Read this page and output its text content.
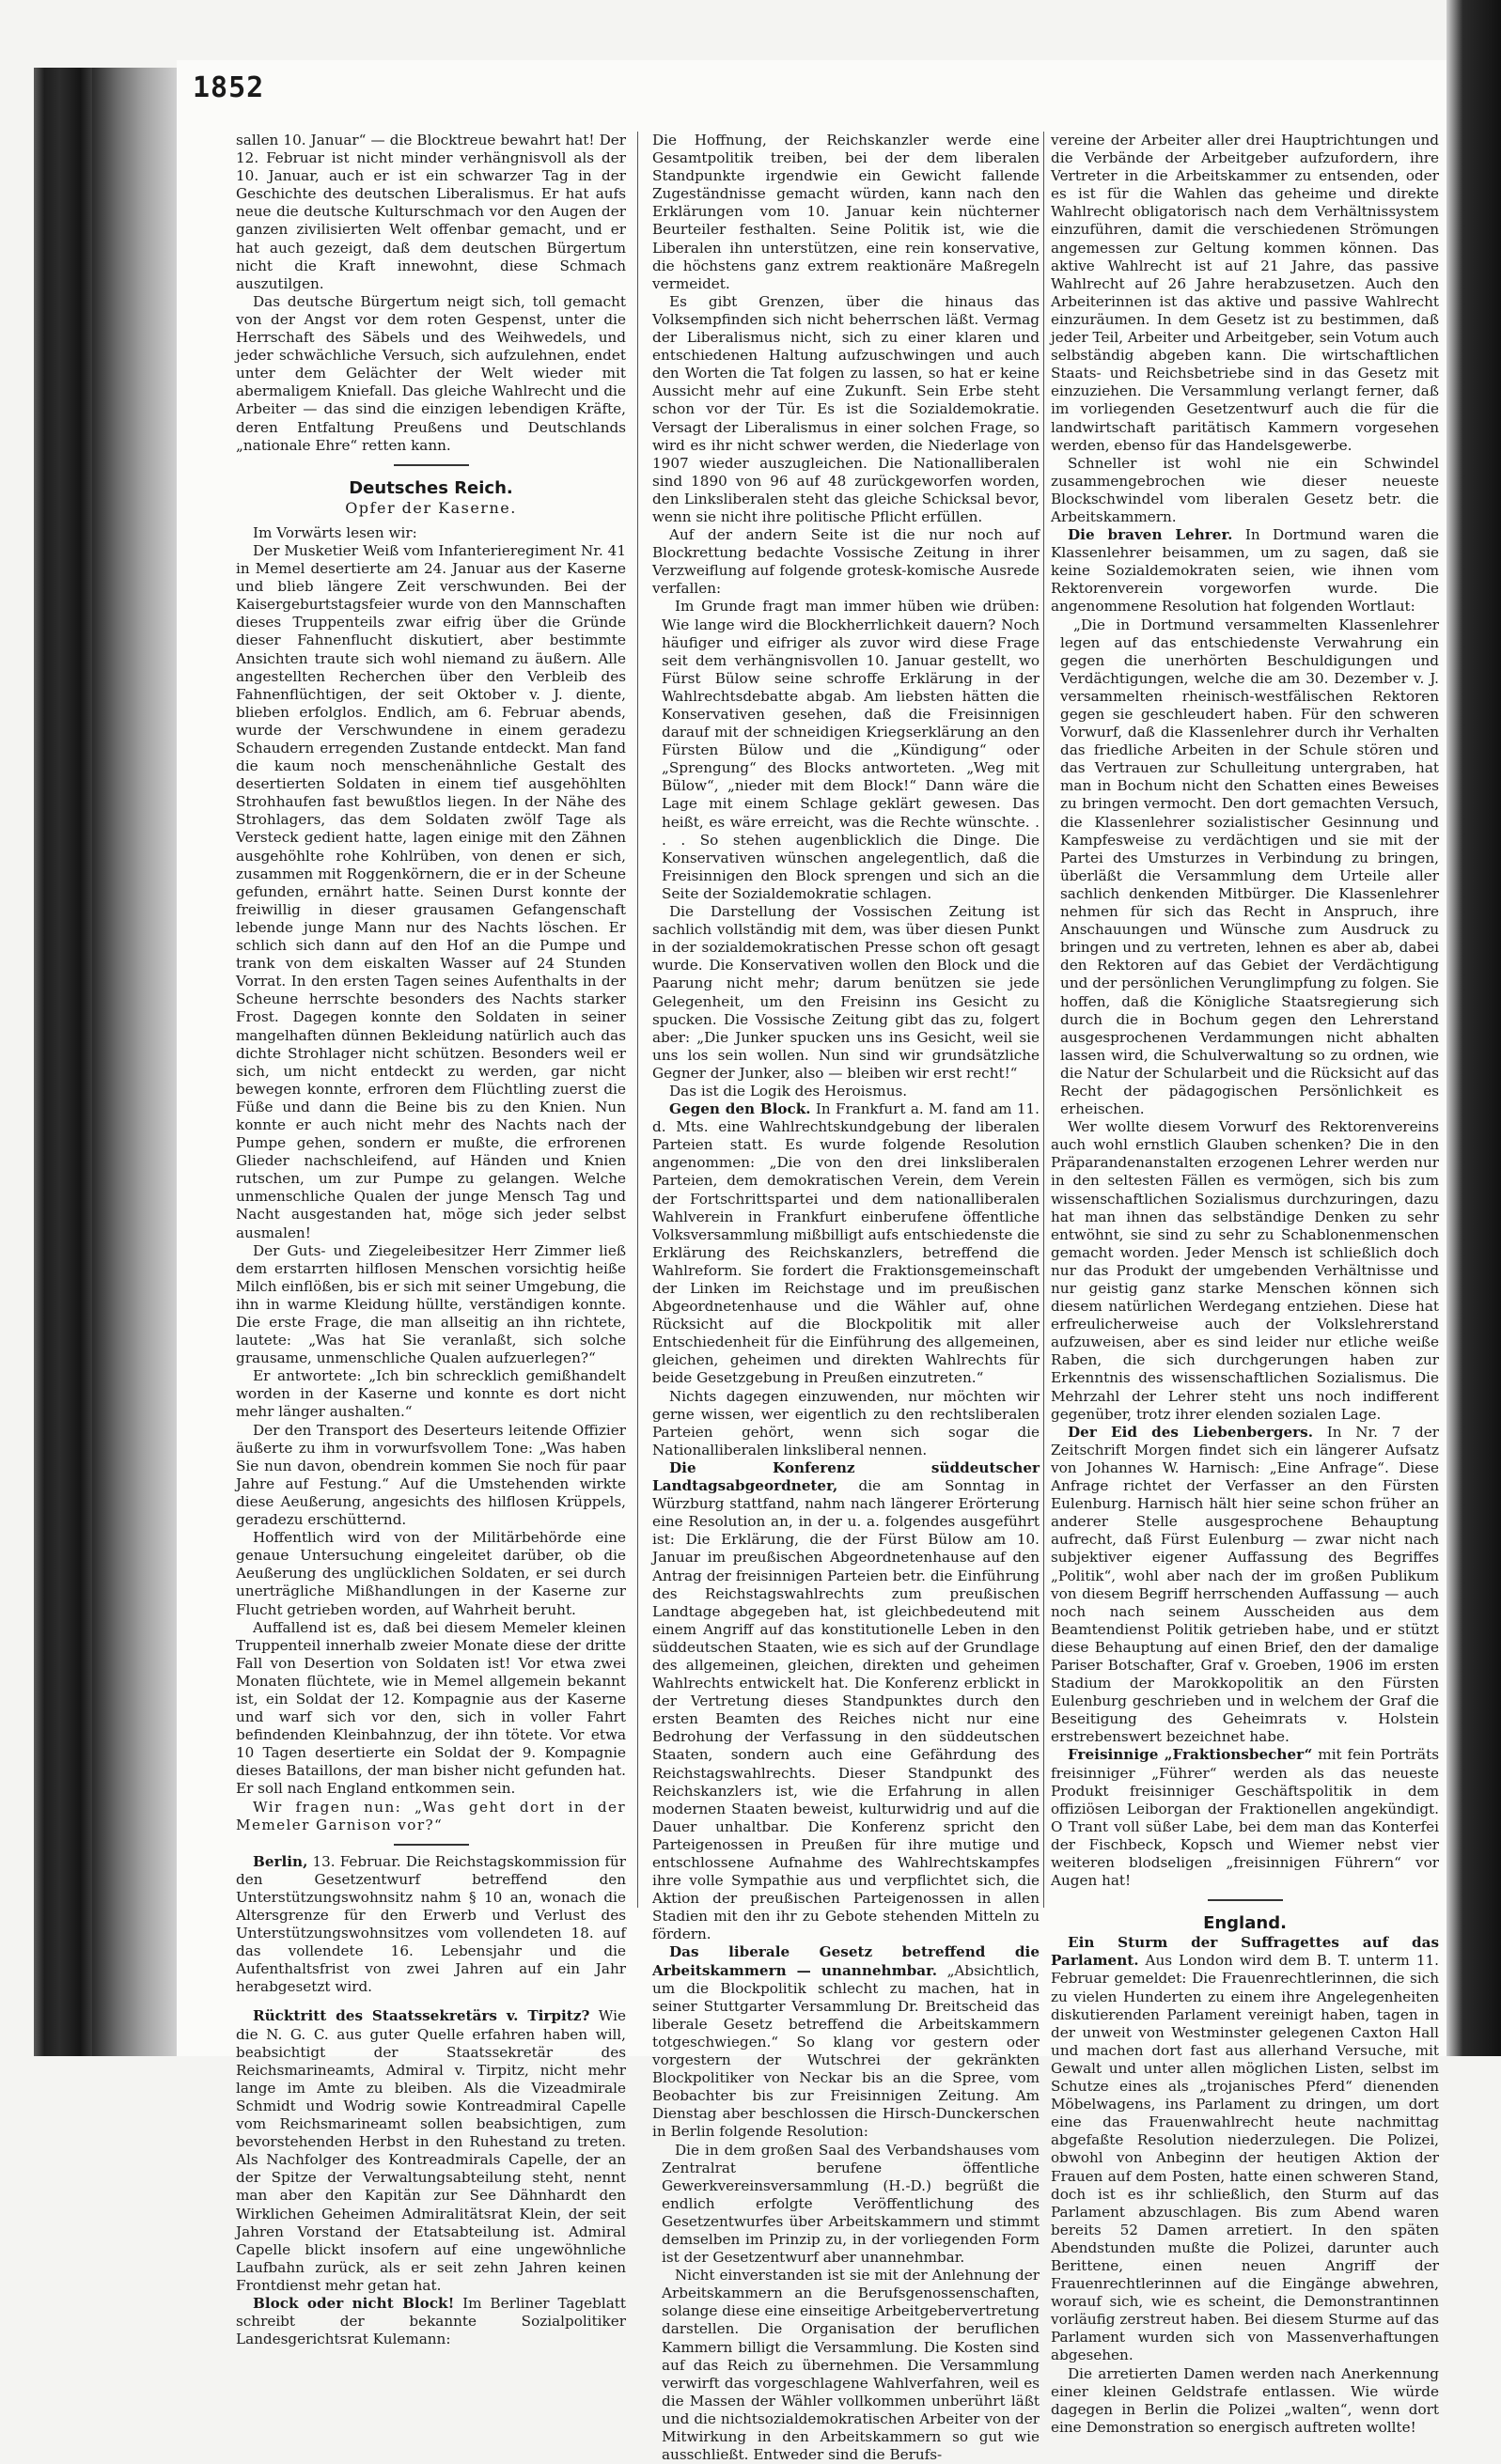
1852

sallen 10. Januar“ — die Blocktreue bewahrt hat! Der 12. Februar ist nicht minder verhängnisvoll als der 10. Januar, auch er ist ein schwarzer Tag in der Geschichte des deutschen Liberalismus. Er hat aufs neue die deutsche Kulturschmach vor den Augen der ganzen zivilisierten Welt offenbar gemacht, und er hat auch gezeigt, daß dem deutschen Bürgertum nicht die Kraft innewohnt, diese Schmach auszutilgen.

Das deutsche Bürgertum neigt sich, toll gemacht von der Angst vor dem roten Gespenst, unter die Herrschaft des Säbels und des Weihwedels, und jeder schwächliche Versuch, sich aufzulehnen, endet unter dem Gelächter der Welt wieder mit abermaligem Kniefall. Das gleiche Wahlrecht und die Arbeiter — das sind die einzigen lebendigen Kräfte, deren Entfaltung Preußens und Deutschlands „nationale Ehre“ retten kann.

Deutsches Reich.
Opfer der Kaserne.

Im Vorwärts lesen wir:

Der Musketier Weiß vom Infanterieregiment Nr. 41 in Memel desertierte am 24. Januar aus der Kaserne und blieb längere Zeit verschwunden. Bei der Kaisergeburtstagsfeier wurde von den Mannschaften dieses Truppenteils zwar eifrig über die Gründe dieser Fahnenflucht diskutiert, aber bestimmte Ansichten traute sich wohl niemand zu äußern. Alle angestellten Recherchen über den Verbleib des Fahnenflüchtigen, der seit Oktober v. J. diente, blieben erfolglos. Endlich, am 6. Februar abends, wurde der Verschwundene in einem geradezu Schaudern erregenden Zustande entdeckt. Man fand die kaum noch menschenähnliche Gestalt des desertierten Soldaten in einem tief ausgehöhlten Strohhaufen fast bewußtlos liegen. In der Nähe des Strohlagers, das dem Soldaten zwölf Tage als Versteck gedient hatte, lagen einige mit den Zähnen ausgehöhlte rohe Kohlrüben, von denen er sich, zusammen mit Roggenkörnern, die er in der Scheune gefunden, ernährt hatte. Seinen Durst konnte der freiwillig in dieser grausamen Gefangenschaft lebende junge Mann nur des Nachts löschen. Er schlich sich dann auf den Hof an die Pumpe und trank von dem eiskalten Wasser auf 24 Stunden Vorrat. In den ersten Tagen seines Aufenthalts in der Scheune herrschte besonders des Nachts starker Frost. Dagegen konnte den Soldaten in seiner mangelhaften dünnen Bekleidung natürlich auch das dichte Strohlager nicht schützen. Besonders weil er sich, um nicht entdeckt zu werden, gar nicht bewegen konnte, erfroren dem Flüchtling zuerst die Füße und dann die Beine bis zu den Knien. Nun konnte er auch nicht mehr des Nachts nach der Pumpe gehen, sondern er mußte, die erfrorenen Glieder nachschleifend, auf Händen und Knien rutschen, um zur Pumpe zu gelangen. Welche unmenschliche Qualen der junge Mensch Tag und Nacht ausgestanden hat, möge sich jeder selbst ausmalen!

Der Guts- und Ziegeleibesitzer Herr Zimmer ließ dem erstarrten hilflosen Menschen vorsichtig heiße Milch einflößen, bis er sich mit seiner Umgebung, die ihn in warme Kleidung hüllte, verständigen konnte. Die erste Frage, die man allseitig an ihn richtete, lautete: „Was hat Sie veranlaßt, sich solche grausame, unmenschliche Qualen aufzuerlegen?“

Er antwortete: „Ich bin schrecklich gemißhandelt worden in der Kaserne und konnte es dort nicht mehr länger aushalten.“

Der den Transport des Deserteurs leitende Offizier äußerte zu ihm in vorwurfsvollem Tone: „Was haben Sie nun davon, obendrein kommen Sie noch für paar Jahre auf Festung.“ Auf die Umstehenden wirkte diese Aeußerung, angesichts des hilflosen Krüppels, geradezu erschütternd.

Hoffentlich wird von der Militärbehörde eine genaue Untersuchung eingeleitet darüber, ob die Aeußerung des unglücklichen Soldaten, er sei durch unerträgliche Mißhandlungen in der Kaserne zur Flucht getrieben worden, auf Wahrheit beruht.

Auffallend ist es, daß bei diesem Memeler kleinen Truppenteil innerhalb zweier Monate diese der dritte Fall von Desertion von Soldaten ist! Vor etwa zwei Monaten flüchtete, wie in Memel allgemein bekannt ist, ein Soldat der 12. Kompagnie aus der Kaserne und warf sich vor den, sich in voller Fahrt befindenden Kleinbahnzug, der ihn tötete. Vor etwa 10 Tagen desertierte ein Soldat der 9. Kompagnie dieses Bataillons, der man bisher nicht gefunden hat. Er soll nach England entkommen sein.

Wir fragen nun: „Was geht dort in der Memeler Garnison vor?“

Berlin, 13. Februar. Die Reichstagskommission für den Gesetzentwurf betreffend den Unterstützungswohnsitz nahm § 10 an, wonach die Altersgrenze für den Erwerb und Verlust des Unterstützungswohnsitzes vom vollendeten 18. auf das vollendete 16. Lebensjahr und die Aufenthaltsfrist von zwei Jahren auf ein Jahr herabgesetzt wird.

Rücktritt des Staatssekretärs v. Tirpitz? Wie die N. G. C. aus guter Quelle erfahren haben will, beabsichtigt der Staatssekretär des Reichsmarineamts, Admiral v. Tirpitz, nicht mehr lange im Amte zu bleiben. Als die Vizeadmirale Schmidt und Wodrig sowie Kontreadmiral Capelle vom Reichsmarineamt sollen beabsichtigen, zum bevorstehenden Herbst in den Ruhestand zu treten. Als Nachfolger des Kontreadmirals Capelle, der an der Spitze der Verwaltungsabteilung steht, nennt man aber den Kapitän zur See Dähnhardt den Wirklichen Geheimen Admiralitätsrat Klein, der seit Jahren Vorstand der Etatsabteilung ist. Admiral Capelle blickt insofern auf eine ungewöhnliche Laufbahn zurück, als er seit zehn Jahren keinen Frontdienst mehr getan hat.

Block oder nicht Block! Im Berliner Tageblatt schreibt der bekannte Sozialpolitiker Landesgerichtsrat Kulemann:

Die Hoffnung, der Reichskanzler werde eine Gesamtpolitik treiben, bei der dem liberalen Standpunkte irgendwie ein Gewicht fallende Zugeständnisse gemacht würden, kann nach den Erklärungen vom 10. Januar kein nüchterner Beurteiler festhalten. Seine Politik ist, wie die Liberalen ihn unterstützen, eine rein konservative, die höchstens ganz extrem reaktionäre Maßregeln vermeidet.

Es gibt Grenzen, über die hinaus das Volksempfinden sich nicht beherrschen läßt. Vermag der Liberalismus nicht, sich zu einer klaren und entschiedenen Haltung aufzuschwingen und auch den Worten die Tat folgen zu lassen, so hat er keine Aussicht mehr auf eine Zukunft. Sein Erbe steht schon vor der Tür. Es ist die Sozialdemokratie. Versagt der Liberalismus in einer solchen Frage, so wird es ihr nicht schwer werden, die Niederlage von 1907 wieder auszugleichen. Die Nationalliberalen sind 1890 von 96 auf 48 zurückgeworfen worden, den Linksliberalen steht das gleiche Schicksal bevor, wenn sie nicht ihre politische Pflicht erfüllen.

Auf der andern Seite ist die nur noch auf Blockrettung bedachte Vossische Zeitung in ihrer Verzweiflung auf folgende grotesk-komische Ausrede verfallen:

Im Grunde fragt man immer hüben wie drüben: Wie lange wird die Blockherrlichkeit dauern? Noch häufiger und eifriger als zuvor wird diese Frage seit dem verhängnisvollen 10. Januar gestellt, wo Fürst Bülow seine schroffe Erklärung in der Wahlrechtsdebatte abgab. Am liebsten hätten die Konservativen gesehen, daß die Freisinnigen darauf mit der schneidigen Kriegserklärung an den Fürsten Bülow und die „Kündigung“ oder „Sprengung“ des Blocks antworteten. „Weg mit Bülow“, „nieder mit dem Block!“ Dann wäre die Lage mit einem Schlage geklärt gewesen. Das heißt, es wäre erreicht, was die Rechte wünschte. . . . So stehen augenblicklich die Dinge. Die Konservativen wünschen angelegentlich, daß die Freisinnigen den Block sprengen und sich an die Seite der Sozialdemokratie schlagen.

Die Darstellung der Vossischen Zeitung ist sachlich vollständig mit dem, was über diesen Punkt in der sozialdemokratischen Presse schon oft gesagt wurde. Die Konservativen wollen den Block und die Paarung nicht mehr; darum benützen sie jede Gelegenheit, um den Freisinn ins Gesicht zu spucken. Die Vossische Zeitung gibt das zu, folgert aber: „Die Junker spucken uns ins Gesicht, weil sie uns los sein wollen. Nun sind wir grundsätzliche Gegner der Junker, also — bleiben wir erst recht!“

Das ist die Logik des Heroismus.

Gegen den Block. In Frankfurt a. M. fand am 11. d. Mts. eine Wahlrechtskundgebung der liberalen Parteien statt. Es wurde folgende Resolution angenommen: „Die von den drei linksliberalen Parteien, dem demokratischen Verein, dem Verein der Fortschrittspartei und dem nationalliberalen Wahlverein in Frankfurt einberufene öffentliche Volksversammlung mißbilligt aufs entschiedenste die Erklärung des Reichskanzlers, betreffend die Wahlreform. Sie fordert die Fraktionsgemeinschaft der Linken im Reichstage und im preußischen Abgeordnetenhause und die Wähler auf, ohne Rücksicht auf die Blockpolitik mit aller Entschiedenheit für die Einführung des allgemeinen, gleichen, geheimen und direkten Wahlrechts für beide Gesetzgebung in Preußen einzutreten.“

Nichts dagegen einzuwenden, nur möchten wir gerne wissen, wer eigentlich zu den rechtsliberalen Parteien gehört, wenn sich sogar die Nationalliberalen linksliberal nennen.

Die Konferenz süddeutscher Landtagsabgeordneter, die am Sonntag in Würzburg stattfand, nahm nach längerer Erörterung eine Resolution an, in der u. a. folgendes ausgeführt ist: Die Erklärung, die der Fürst Bülow am 10. Januar im preußischen Abgeordnetenhause auf den Antrag der freisinnigen Parteien betr. die Einführung des Reichstagswahlrechts zum preußischen Landtage abgegeben hat, ist gleichbedeutend mit einem Angriff auf das konstitutionelle Leben in den süddeutschen Staaten, wie es sich auf der Grundlage des allgemeinen, gleichen, direkten und geheimen Wahlrechts entwickelt hat. Die Konferenz erblickt in der Vertretung dieses Standpunktes durch den ersten Beamten des Reiches nicht nur eine Bedrohung der Verfassung in den süddeutschen Staaten, sondern auch eine Gefährdung des Reichstagswahlrechts. Dieser Standpunkt des Reichskanzlers ist, wie die Erfahrung in allen modernen Staaten beweist, kulturwidrig und auf die Dauer unhaltbar. Die Konferenz spricht den Parteigenossen in Preußen für ihre mutige und entschlossene Aufnahme des Wahlrechtskampfes ihre volle Sympathie aus und verpflichtet sich, die Aktion der preußischen Parteigenossen in allen Stadien mit den ihr zu Gebote stehenden Mitteln zu fördern.

Das liberale Gesetz betreffend die Arbeitskammern — unannehmbar. „Absichtlich, um die Blockpolitik schlecht zu machen, hat in seiner Stuttgarter Versammlung Dr. Breitscheid das liberale Gesetz betreffend die Arbeitskammern totgeschwiegen.“ So klang vor gestern oder vorgestern der Wutschrei der gekränkten Blockpolitiker von Neckar bis an die Spree, vom Beobachter bis zur Freisinnigen Zeitung. Am Dienstag aber beschlossen die Hirsch-Dunckerschen in Berlin folgende Resolution:

Die in dem großen Saal des Verbandshauses vom Zentralrat berufene öffentliche Gewerkvereinsversammlung (H.-D.) begrüßt die endlich erfolgte Veröffentlichung des Gesetzentwurfes über Arbeitskammern und stimmt demselben im Prinzip zu, in der vorliegenden Form ist der Gesetzentwurf aber unannehmbar.

Nicht einverstanden ist sie mit der Anlehnung der Arbeitskammern an die Berufsgenossenschaften, solange diese eine einseitige Arbeitgebervertretung darstellen. Die Organisation der beruflichen Kammern billigt die Versammlung. Die Kosten sind auf das Reich zu übernehmen. Die Versammlung verwirft das vorgeschlagene Wahlverfahren, weil es die Massen der Wähler vollkommen unberührt läßt und die nichtsozialdemokratischen Arbeiter von der Mitwirkung in den Arbeitskammern so gut wie ausschließt. Entweder sind die Berufs-

vereine der Arbeiter aller drei Hauptrichtungen und die Verbände der Arbeitgeber aufzufordern, ihre Vertreter in die Arbeitskammer zu entsenden, oder es ist für die Wahlen das geheime und direkte Wahlrecht obligatorisch nach dem Verhältnissystem einzuführen, damit die verschiedenen Strömungen angemessen zur Geltung kommen können. Das aktive Wahlrecht ist auf 21 Jahre, das passive Wahlrecht auf 26 Jahre herabzusetzen. Auch den Arbeiterinnen ist das aktive und passive Wahlrecht einzuräumen. In dem Gesetz ist zu bestimmen, daß jeder Teil, Arbeiter und Arbeitgeber, sein Votum auch selbständig abgeben kann. Die wirtschaftlichen Staats- und Reichsbetriebe sind in das Gesetz mit einzuziehen. Die Versammlung verlangt ferner, daß im vorliegenden Gesetzentwurf auch die für die landwirtschaft paritätisch Kammern vorgesehen werden, ebenso für das Handelsgewerbe.

Schneller ist wohl nie ein Schwindel zusammengebrochen wie dieser neueste Blockschwindel vom liberalen Gesetz betr. die Arbeitskammern.

Die braven Lehrer. In Dortmund waren die Klassenlehrer beisammen, um zu sagen, daß sie keine Sozialdemokraten seien, wie ihnen vom Rektorenverein vorgeworfen wurde. Die angenommene Resolution hat folgenden Wortlaut:

„Die in Dortmund versammelten Klassenlehrer legen auf das entschiedenste Verwahrung ein gegen die unerhörten Beschuldigungen und Verdächtigungen, welche die am 30. Dezember v. J. versammelten rheinisch-westfälischen Rektoren gegen sie geschleudert haben. Für den schweren Vorwurf, daß die Klassenlehrer durch ihr Verhalten das friedliche Arbeiten in der Schule stören und das Vertrauen zur Schulleitung untergraben, hat man in Bochum nicht den Schatten eines Beweises zu bringen vermocht. Den dort gemachten Versuch, die Klassenlehrer sozialistischer Gesinnung und Kampfesweise zu verdächtigen und sie mit der Partei des Umsturzes in Verbindung zu bringen, überläßt die Versammlung dem Urteile aller sachlich denkenden Mitbürger. Die Klassenlehrer nehmen für sich das Recht in Anspruch, ihre Anschauungen und Wünsche zum Ausdruck zu bringen und zu vertreten, lehnen es aber ab, dabei den Rektoren auf das Gebiet der Verdächtigung und der persönlichen Verunglimpfung zu folgen. Sie hoffen, daß die Königliche Staatsregierung sich durch die in Bochum gegen den Lehrerstand ausgesprochenen Verdammungen nicht abhalten lassen wird, die Schulverwaltung so zu ordnen, wie die Natur der Schularbeit und die Rücksicht auf das Recht der pädagogischen Persönlichkeit es erheischen.

Wer wollte diesem Vorwurf des Rektorenvereins auch wohl ernstlich Glauben schenken? Die in den Präparandenanstalten erzogenen Lehrer werden nur in den seltesten Fällen es vermögen, sich bis zum wissenschaftlichen Sozialismus durchzuringen, dazu hat man ihnen das selbständige Denken zu sehr entwöhnt, sie sind zu sehr zu Schablonenmenschen gemacht worden. Jeder Mensch ist schließlich doch nur das Produkt der umgebenden Verhältnisse und nur geistig ganz starke Menschen können sich diesem natürlichen Werdegang entziehen. Diese hat erfreulicherweise auch der Volkslehrerstand aufzuweisen, aber es sind leider nur etliche weiße Raben, die sich durchgerungen haben zur Erkenntnis des wissenschaftlichen Sozialismus. Die Mehrzahl der Lehrer steht uns noch indifferent gegenüber, trotz ihrer elenden sozialen Lage.

Der Eid des Liebenbergers. In Nr. 7 der Zeitschrift Morgen findet sich ein längerer Aufsatz von Johannes W. Harnisch: „Eine Anfrage“. Diese Anfrage richtet der Verfasser an den Fürsten Eulenburg. Harnisch hält hier seine schon früher an anderer Stelle ausgesprochene Behauptung aufrecht, daß Fürst Eulenburg — zwar nicht nach subjektiver eigener Auffassung des Begriffes „Politik“, wohl aber nach der im großen Publikum von diesem Begriff herrschenden Auffassung — auch noch nach seinem Ausscheiden aus dem Beamtendienst Politik getrieben habe, und er stützt diese Behauptung auf einen Brief, den der damalige Pariser Botschafter, Graf v. Groeben, 1906 im ersten Stadium der Marokkopolitik an den Fürsten Eulenburg geschrieben und in welchem der Graf die Beseitigung des Geheimrats v. Holstein erstrebenswert bezeichnet habe.

Freisinnige „Fraktionsbecher“ mit fein Porträts freisinniger „Führer“ werden als das neueste Produkt freisinniger Geschäftspolitik in dem offiziösen Leiborgan der Fraktionellen angekündigt. O Trant voll süßer Labe, bei dem man das Konterfei der Fischbeck, Kopsch und Wiemer nebst vier weiteren blodseligen „freisinnigen Führern“ vor Augen hat!

England.

Ein Sturm der Suffragettes auf das Parlament. Aus London wird dem B. T. unterm 11. Februar gemeldet: Die Frauenrechtlerinnen, die sich zu vielen Hunderten zu einem ihre Angelegenheiten diskutierenden Parlament vereinigt haben, tagen in der unweit von Westminster gelegenen Caxton Hall und machen dort fast aus allerhand Versuche, mit Gewalt und unter allen möglichen Listen, selbst im Schutze eines als „trojanisches Pferd“ dienenden Möbelwagens, ins Parlament zu dringen, um dort eine das Frauenwahlrecht heute nachmittag abgefaßte Resolution niederzulegen. Die Polizei, obwohl von Anbeginn der heutigen Aktion der Frauen auf dem Posten, hatte einen schweren Stand, doch ist es ihr schließlich, den Sturm auf das Parlament abzuschlagen. Bis zum Abend waren bereits 52 Damen arretiert. In den späten Abendstunden mußte die Polizei, darunter auch Berittene, einen neuen Angriff der Frauenrechtlerinnen auf die Eingänge abwehren, worauf sich, wie es scheint, die Demonstrantinnen vorläufig zerstreut haben. Bei diesem Sturme auf das Parlament wurden sich von Massenverhaftungen abgesehen.

Die arretierten Damen werden nach Anerkennung einer kleinen Geldstrafe entlassen. Wie würde dagegen in Berlin die Polizei „walten“, wenn dort eine Demonstration so energisch auftreten wollte!
